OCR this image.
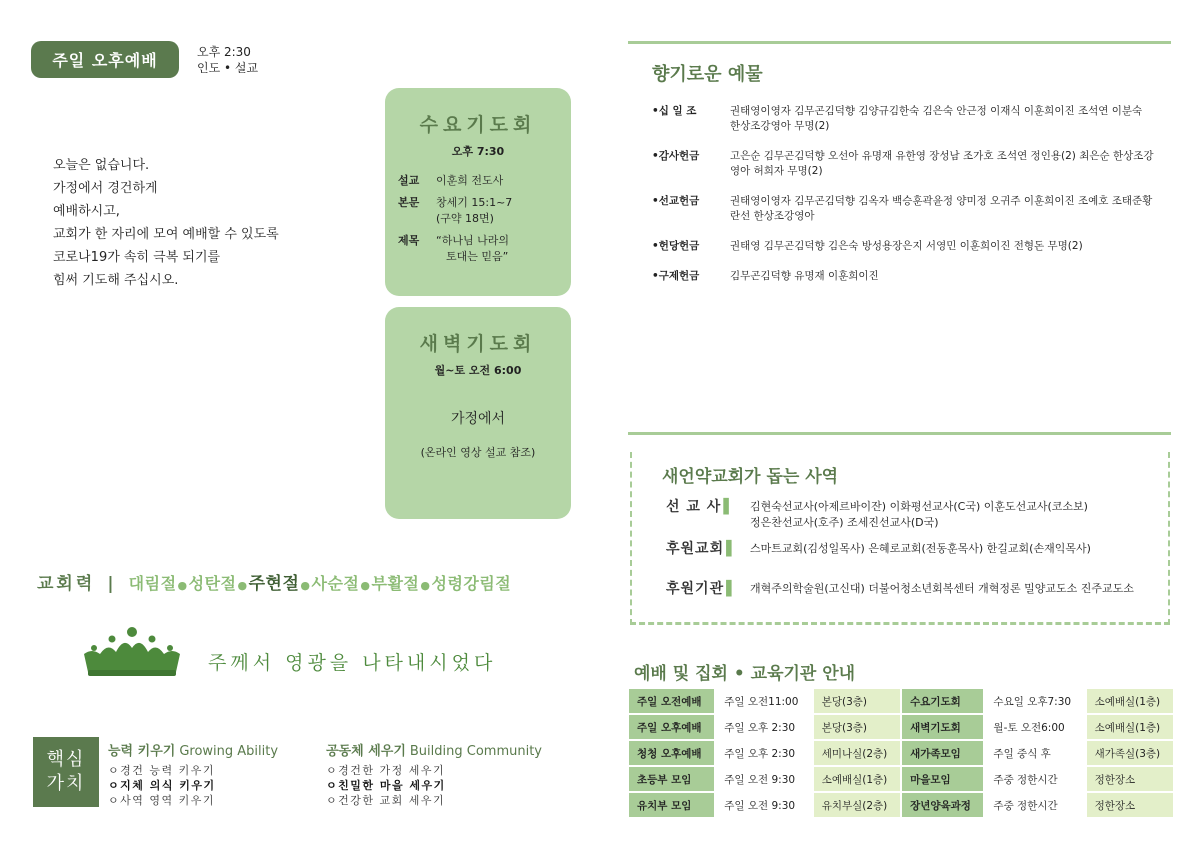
주일 오후예배	오후 2:30
인도 • 설교
오늘은 없습니다.
가정에서 경건하게
예배하시고,
교회가 한 자리에 모여 예배할 수 있도록
코로나19가 속히 극복 되기를
힘써 기도해 주십시오.
수요기도회
오후 7:30
설교	이훈희 전도사
본문	창세기 15:1~7
(구약 18면)
제목	“하나님 나라의
토대는 믿음”
새벽기도회
월~토 오전 6:00
가정에서
(온라인 영상 설교 참조)
교회력 | 대림절●성탄절●주현절●사순절●부활절●성령강림절
주께서 영광을 나타내시었다
핵심
가치
능력 키우기 Growing Ability
ㅇ경건 능력 키우기
ㅇ지체 의식 키우기
ㅇ사역 영역 키우기
공동체 세우기 Building Community
ㅇ경건한 가정 세우기
ㅇ친밀한 마을 세우기
ㅇ건강한 교회 세우기
향기로운 예물
•십 일 조	권태영이영자 김무곤김덕향 김양규김한숙 김은숙 안근정 이재식 이훈희이진 조석연 이분숙 한상조강영아 무명(2)
•감사헌금	고은순 김무곤김덕향 오선아 유명재 유한영 장성남 조가호 조석연 정인용(2) 최은순 한상조강영아 허희자 무명(2)
•선교헌금	권태영이영자 김무곤김덕향 김옥자 백승훈곽윤정 양미정 오귀주 이훈희이진 조예호 조태준황란선 한상조강영아
•헌당헌금	권태영 김무곤김덕향 김은숙 방성용장은지 서영민 이훈희이진 전형돈 무명(2)
•구제헌금	김무곤김덕향 유명재 이훈희이진
새언약교회가 돕는 사역
선 교 사 ▌	김현숙선교사(아제르바이잔) 이화평선교사(C국) 이훈도선교사(코소보)
정은찬선교사(호주) 조세진선교사(D국)
후원교회 ▌	스마트교회(김성일목사) 은혜로교회(전동훈목사) 한길교회(손재익목사)
후원기관 ▌	개혁주의학술원(고신대) 더불어청소년회복센터 개혁정론 밀양교도소 진주교도소
예배 및 집회 • 교육기관 안내
주일 오전예배	주일 오전11:00	본당(3층)	수요기도회	수요일 오후7:30	소예배실(1층)
주일 오후예배	주일 오후 2:30	본당(3층)	새벽기도회	월-토 오전6:00	소예배실(1층)
청청 오후예배	주일 오후 2:30	세미나실(2층)	새가족모임	주일 중식 후	새가족실(3층)
초등부 모임	주일 오전 9:30	소예배실(1층)	마을모임	주중 정한시간	정한장소
유치부 모임	주일 오전 9:30	유치부실(2층)	장년양육과정	주중 정한시간	정한장소
